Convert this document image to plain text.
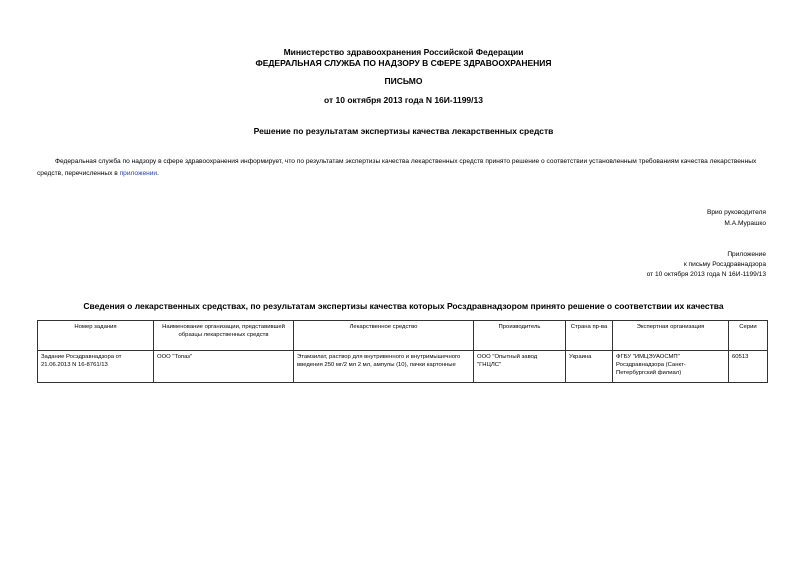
Министерство здравоохранения Российской Федерации
ФЕДЕРАЛЬНАЯ СЛУЖБА ПО НАДЗОРУ В СФЕРЕ ЗДРАВООХРАНЕНИЯ
ПИСЬМО
от 10 октября 2013 года N 16И-1199/13
Решение по результатам экспертизы качества лекарственных средств
Федеральная служба по надзору в сфере здравоохранения информирует, что по результатам экспертизы качества лекарственных средств принято решение о соответствии установленным требованиям качества лекарственных средств, перечисленных в приложении.
Врио руководителя
М.А.Мурашко
Приложение
к письму Росздравнадзора
от 10 октября 2013 года N 16И-1199/13
Сведения о лекарственных средствах, по результатам экспертизы качества которых Росздравнадзором принято решение о соответствии их качества
Номер задания	Наименование организации, представившей образцы лекарственных средств	Лекарственное средство	Производитель	Страна пр-ва	Экспертная организация	Серии
Задание Росздравнадзора от 21.06.2013 N 16-8761/13	ООО "Топаз"	Этамзилат, раствор для внутривенного и внутримышечного введения 250 мг/2 мл 2 мл, ампулы (10), пачки картонные	ООО "Опытный завод "ГНЦЛС"	Украина	ФГБУ "ИМЦЭУАОСМП" Росздравнадзора (Санкт-Петербургский филиал)	60513
